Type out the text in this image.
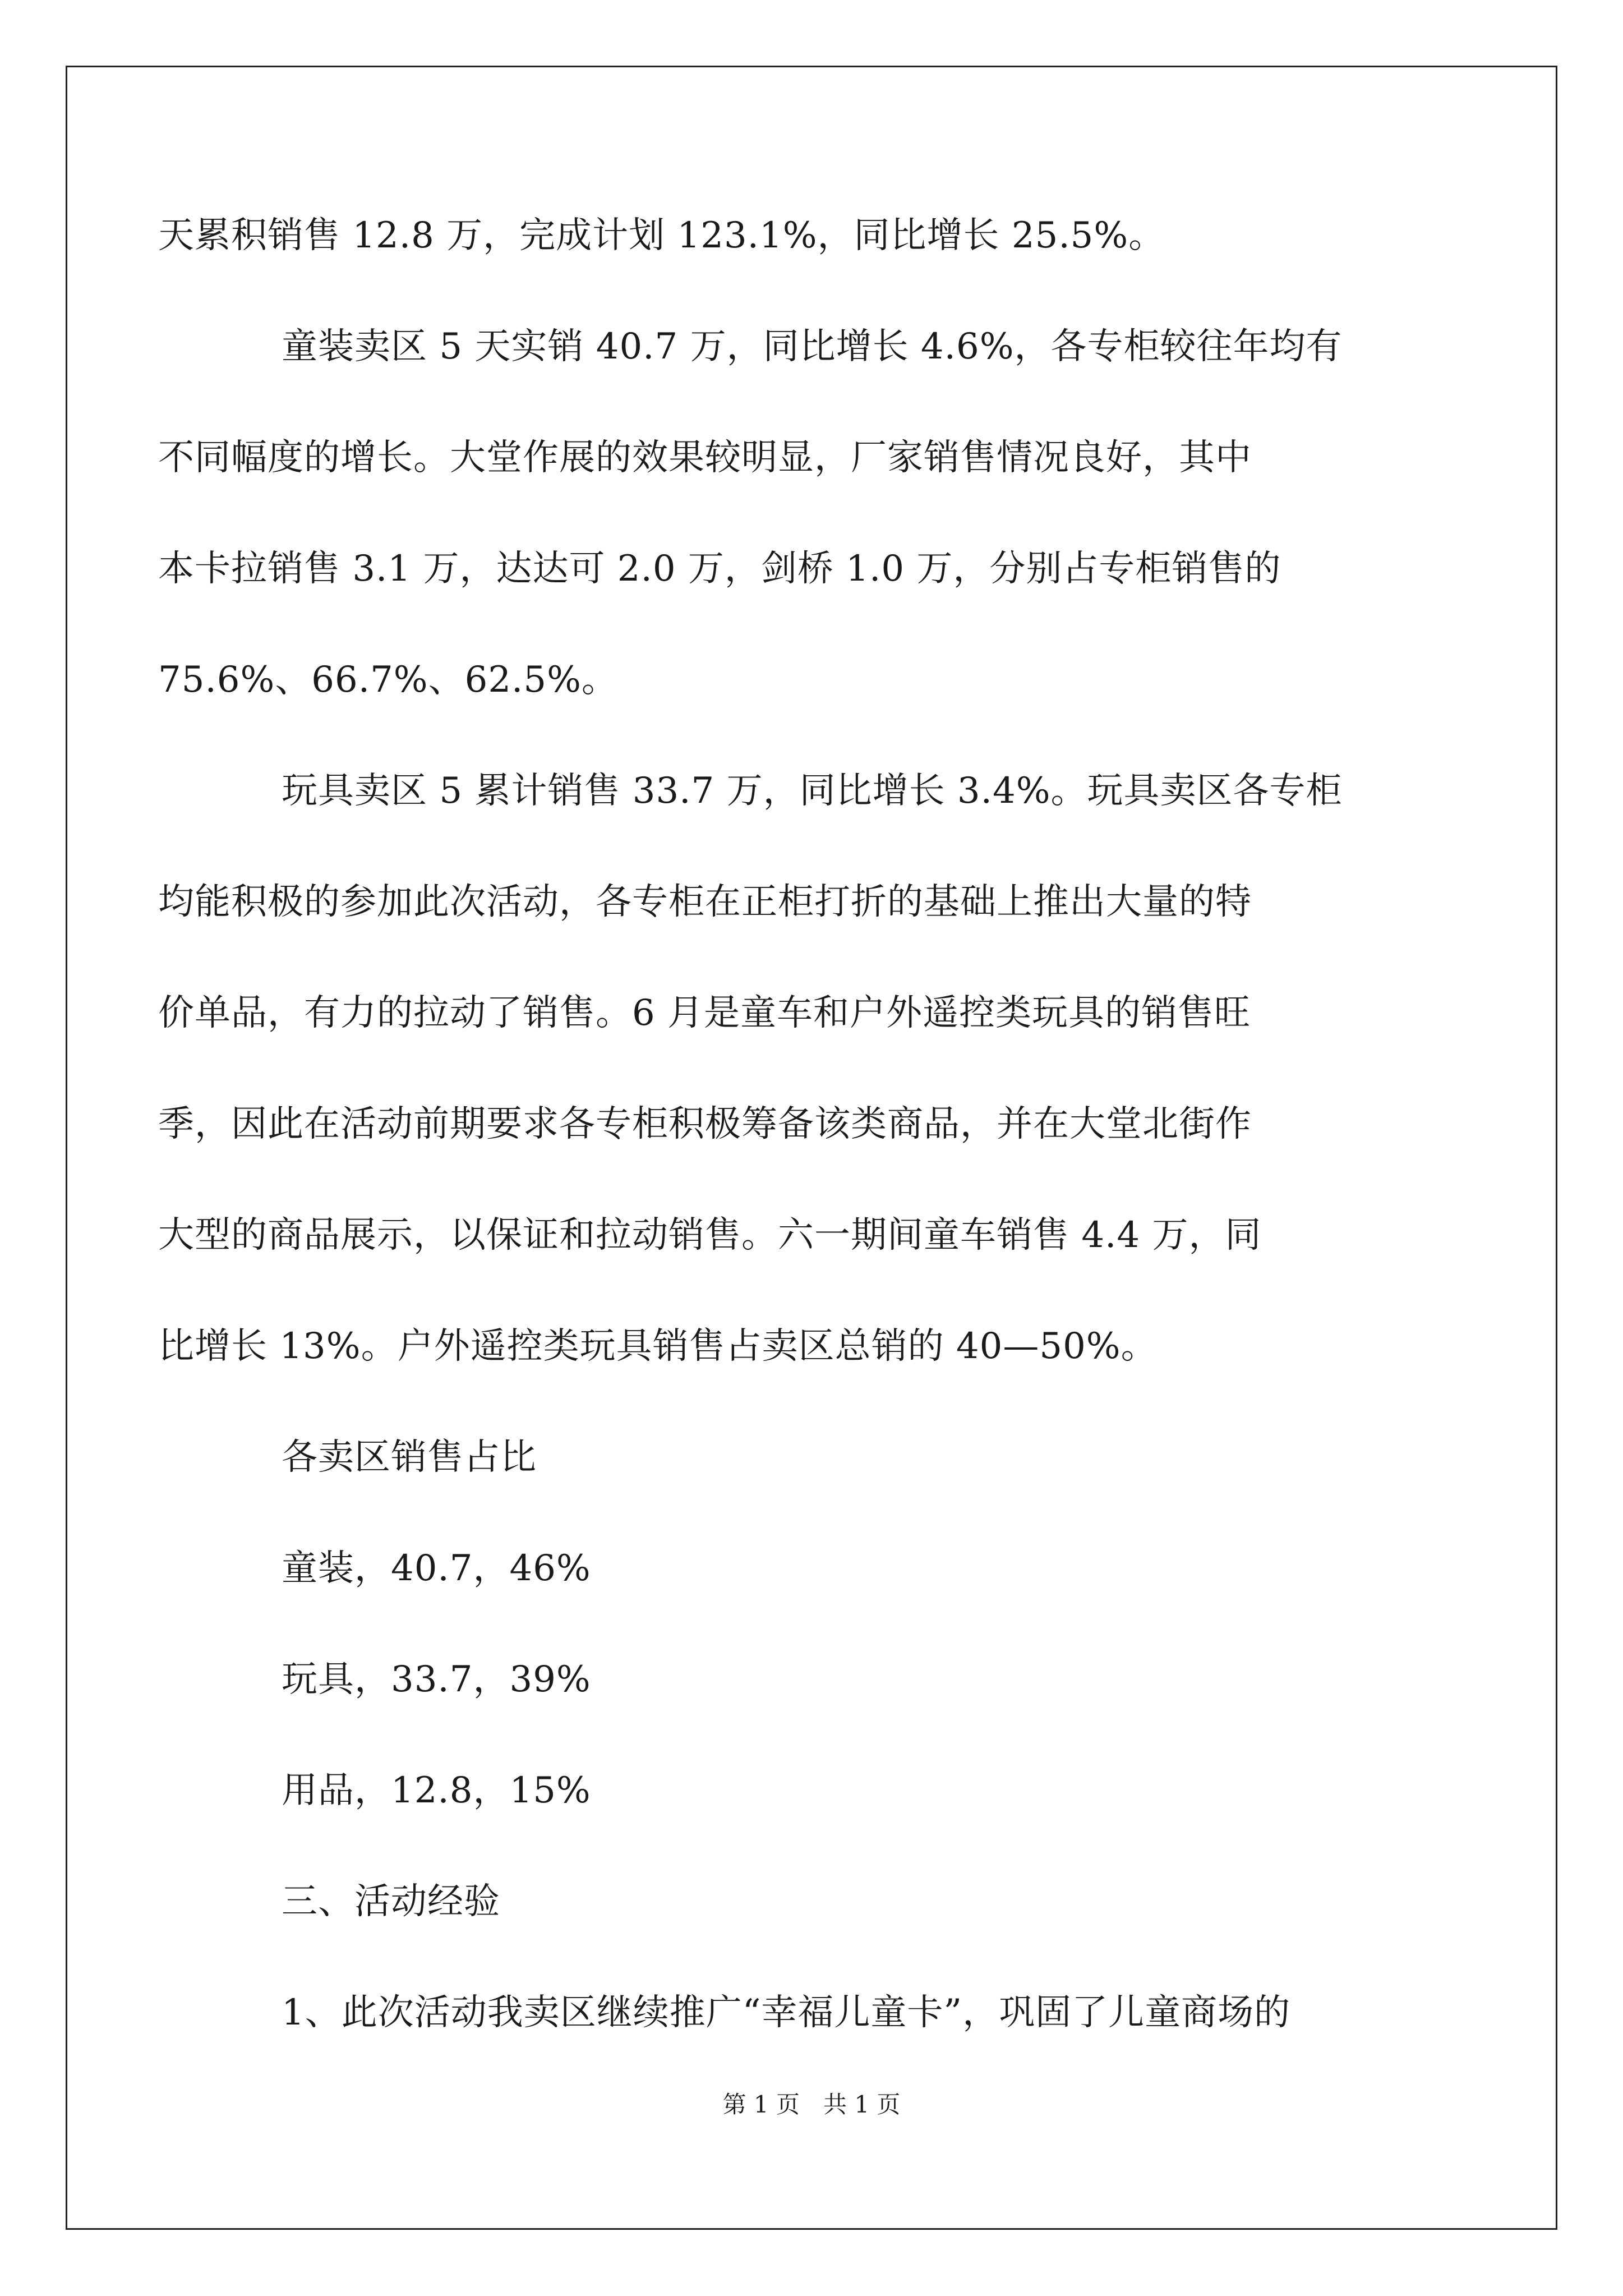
天累积销售 12.8 万，完成计划 123.1%，同比增长 25.5%。
童装卖区 5 天实销 40.7 万，同比增长 4.6%，各专柜较往年均有
不同幅度的增长。大堂作展的效果较明显，厂家销售情况良好，其中
本卡拉销售 3.1 万，达达可 2.0 万，剑桥 1.0 万，分别占专柜销售的
75.6%、66.7%、62.5%。
玩具卖区 5 累计销售 33.7 万，同比增长 3.4%。玩具卖区各专柜
均能积极的参加此次活动，各专柜在正柜打折的基础上推出大量的特
价单品，有力的拉动了销售。6 月是童车和户外遥控类玩具的销售旺
季，因此在活动前期要求各专柜积极筹备该类商品，并在大堂北街作
大型的商品展示，以保证和拉动销售。六一期间童车销售 4.4 万，同
比增长 13%。户外遥控类玩具销售占卖区总销的 40—50%。
各卖区销售占比
童装，40.7，46%
玩具，33.7，39%
用品，12.8，15%
三、活动经验
1、此次活动我卖区继续推广“幸福儿童卡”，巩固了儿童商场的
第 1 页　共 1 页
